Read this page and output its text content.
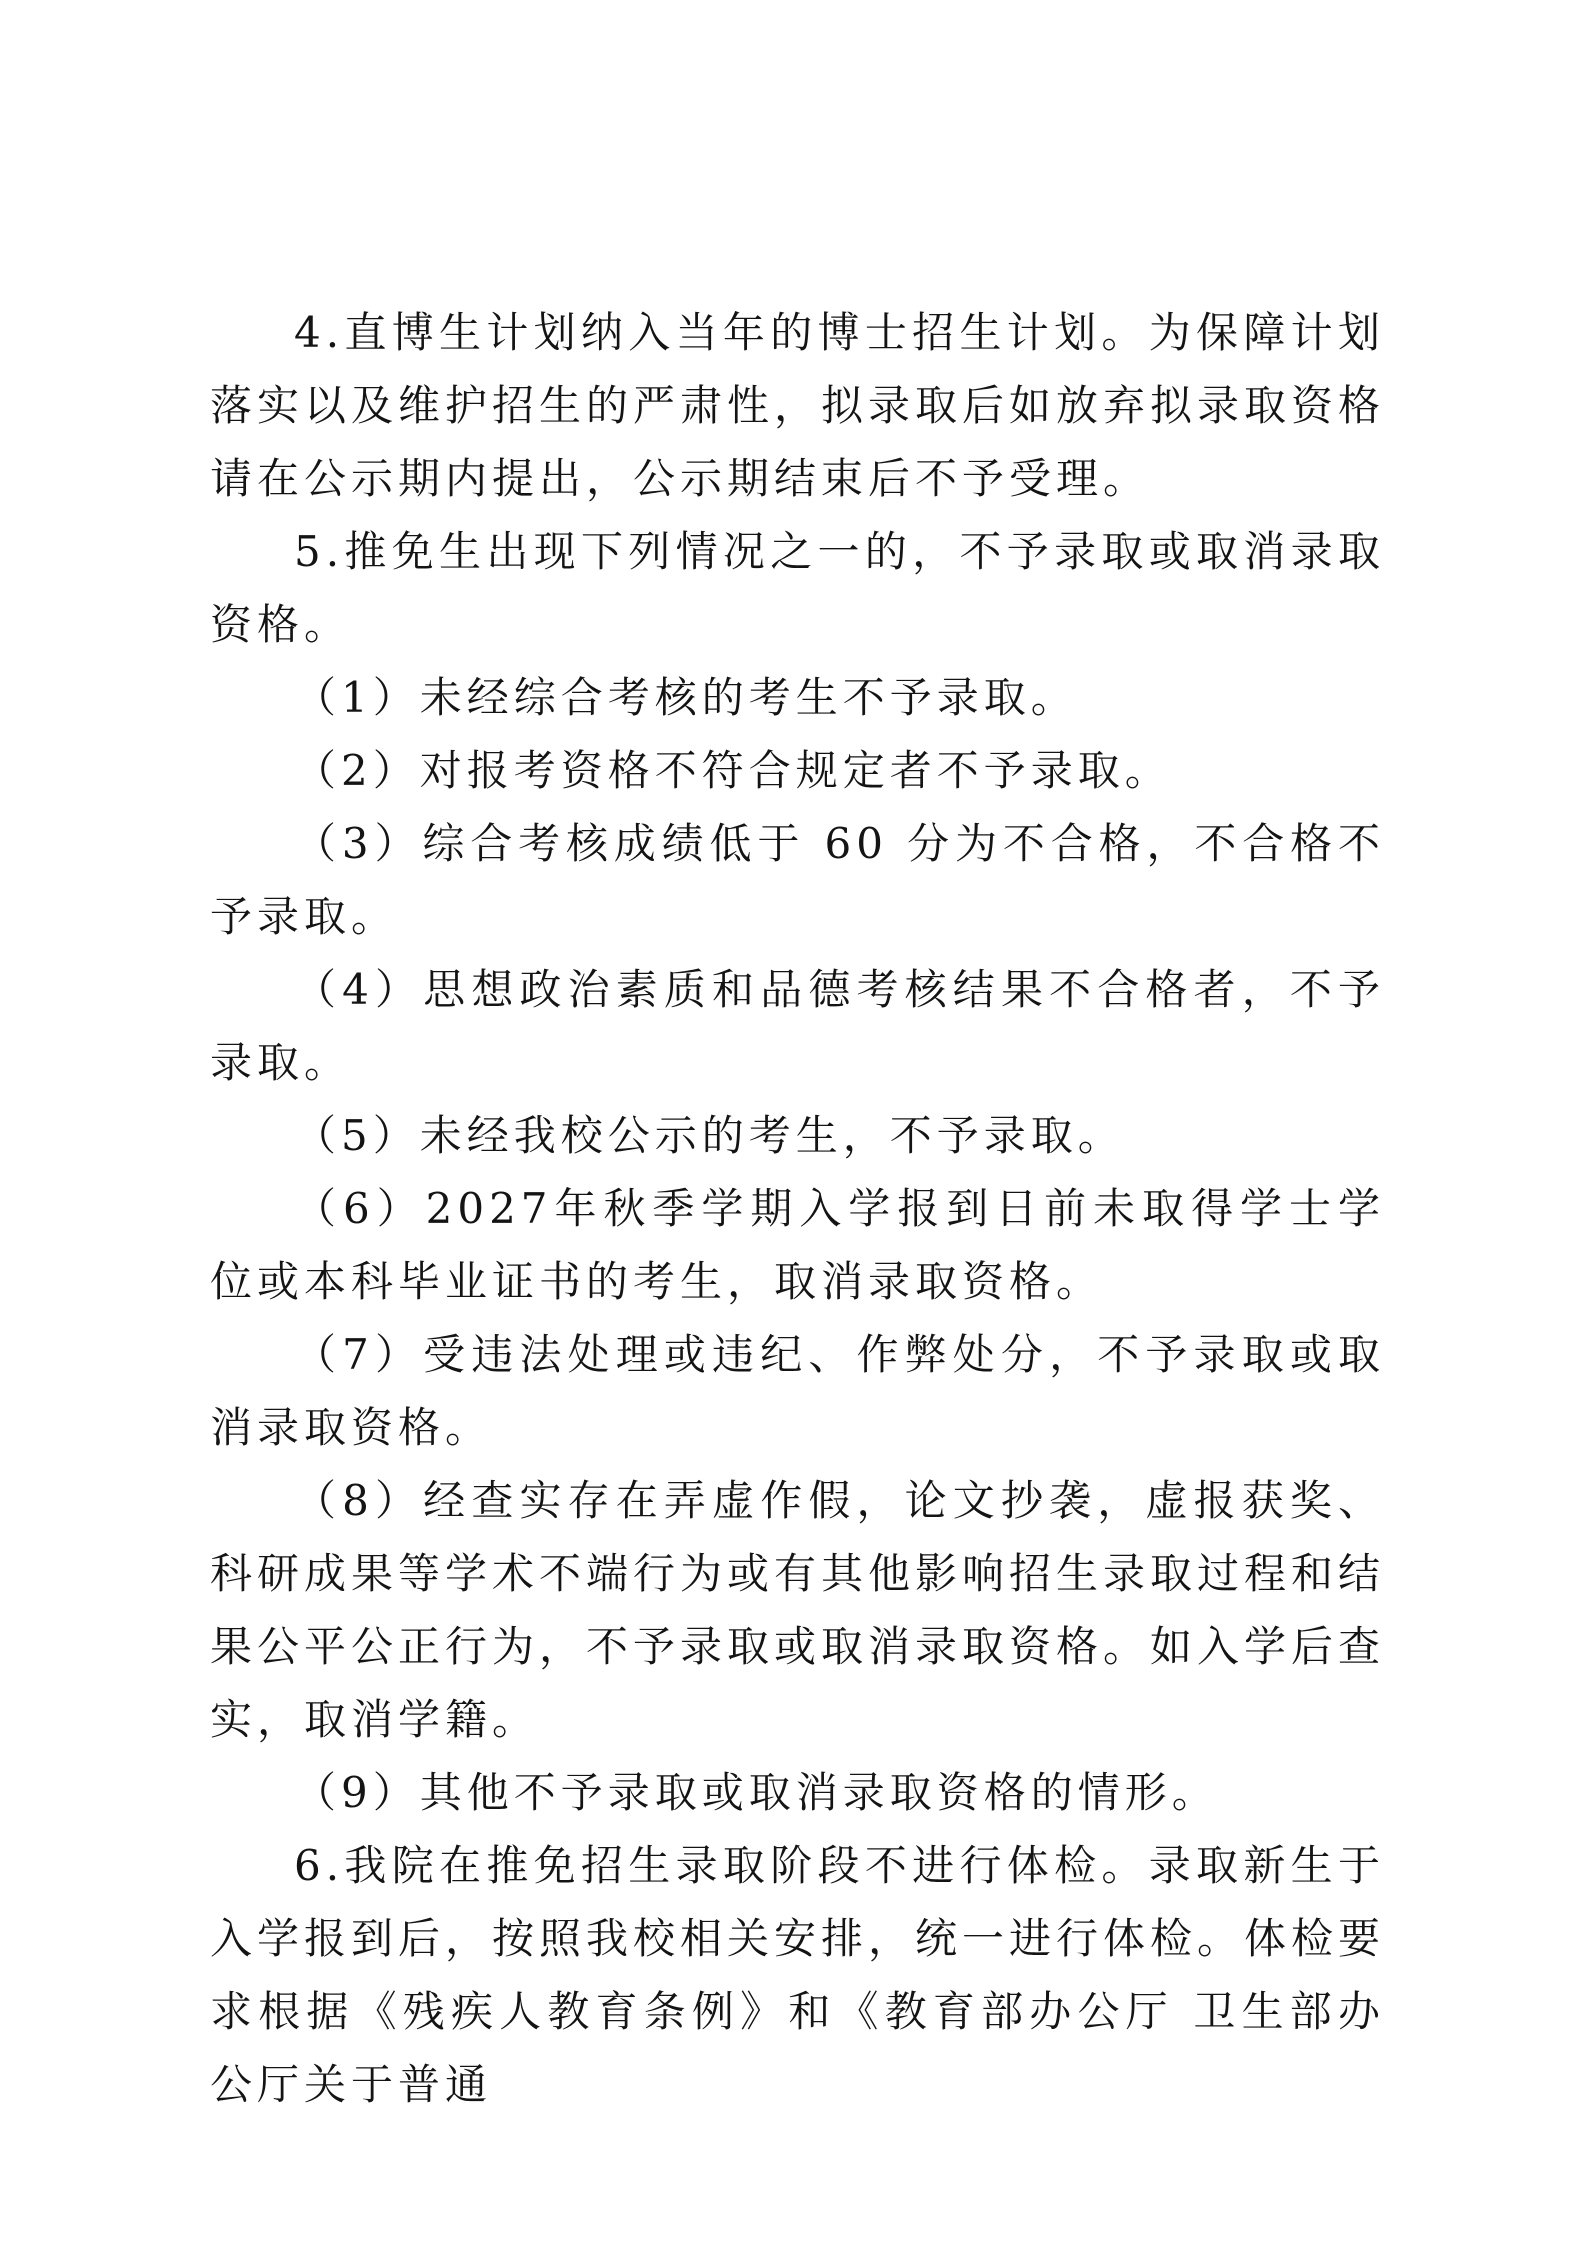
4.直博生计划纳入当年的博士招生计划。为保障计划落实以及维护招生的严肃性，拟录取后如放弃拟录取资格请在公示期内提出，公示期结束后不予受理。

5.推免生出现下列情况之一的，不予录取或取消录取资格。

（1）未经综合考核的考生不予录取。

（2）对报考资格不符合规定者不予录取。

（3）综合考核成绩低于 60 分为不合格，不合格不予录取。

（4）思想政治素质和品德考核结果不合格者，不予录取。

（5）未经我校公示的考生，不予录取。

（6）2027年秋季学期入学报到日前未取得学士学位或本科毕业证书的考生，取消录取资格。

（7）受违法处理或违纪、作弊处分，不予录取或取消录取资格。

（8）经查实存在弄虚作假，论文抄袭，虚报获奖、科研成果等学术不端行为或有其他影响招生录取过程和结果公平公正行为，不予录取或取消录取资格。如入学后查实，取消学籍。

（9）其他不予录取或取消录取资格的情形。

6.我院在推免招生录取阶段不进行体检。录取新生于入学报到后，按照我校相关安排，统一进行体检。体检要求根据《残疾人教育条例》和《教育部办公厅 卫生部办公厅关于普通
